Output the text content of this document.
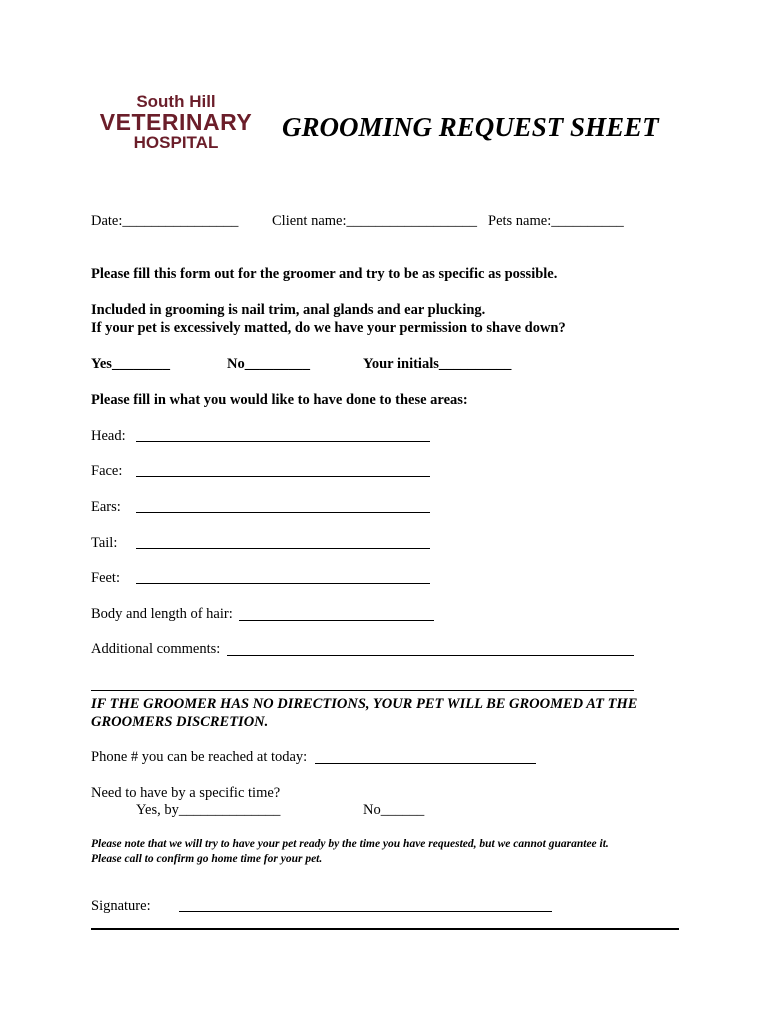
South Hill
VETERINARY
HOSPITAL
GROOMING REQUEST SHEET
Date:________________ Client name:__________________ Pets name:__________
Please fill this form out for the groomer and try to be as specific as possible.
Included in grooming is nail trim, anal glands and ear plucking.
If your pet is excessively matted, do we have your permission to shave down?
Yes________	No_________	Your initials__________
Please fill in what you would like to have done to these areas:
Head:
Face:
Ears:
Tail:
Feet:
Body and length of hair:
Additional comments:
IF THE GROOMER HAS NO DIRECTIONS, YOUR PET WILL BE GROOMED AT THE
GROOMERS DISCRETION.
Phone # you can be reached at today:
Need to have by a specific time?
Yes, by______________	No______
Please note that we will try to have your pet ready by the time you have requested, but we cannot guarantee it.
Please call to confirm go home time for your pet.
Signature:
